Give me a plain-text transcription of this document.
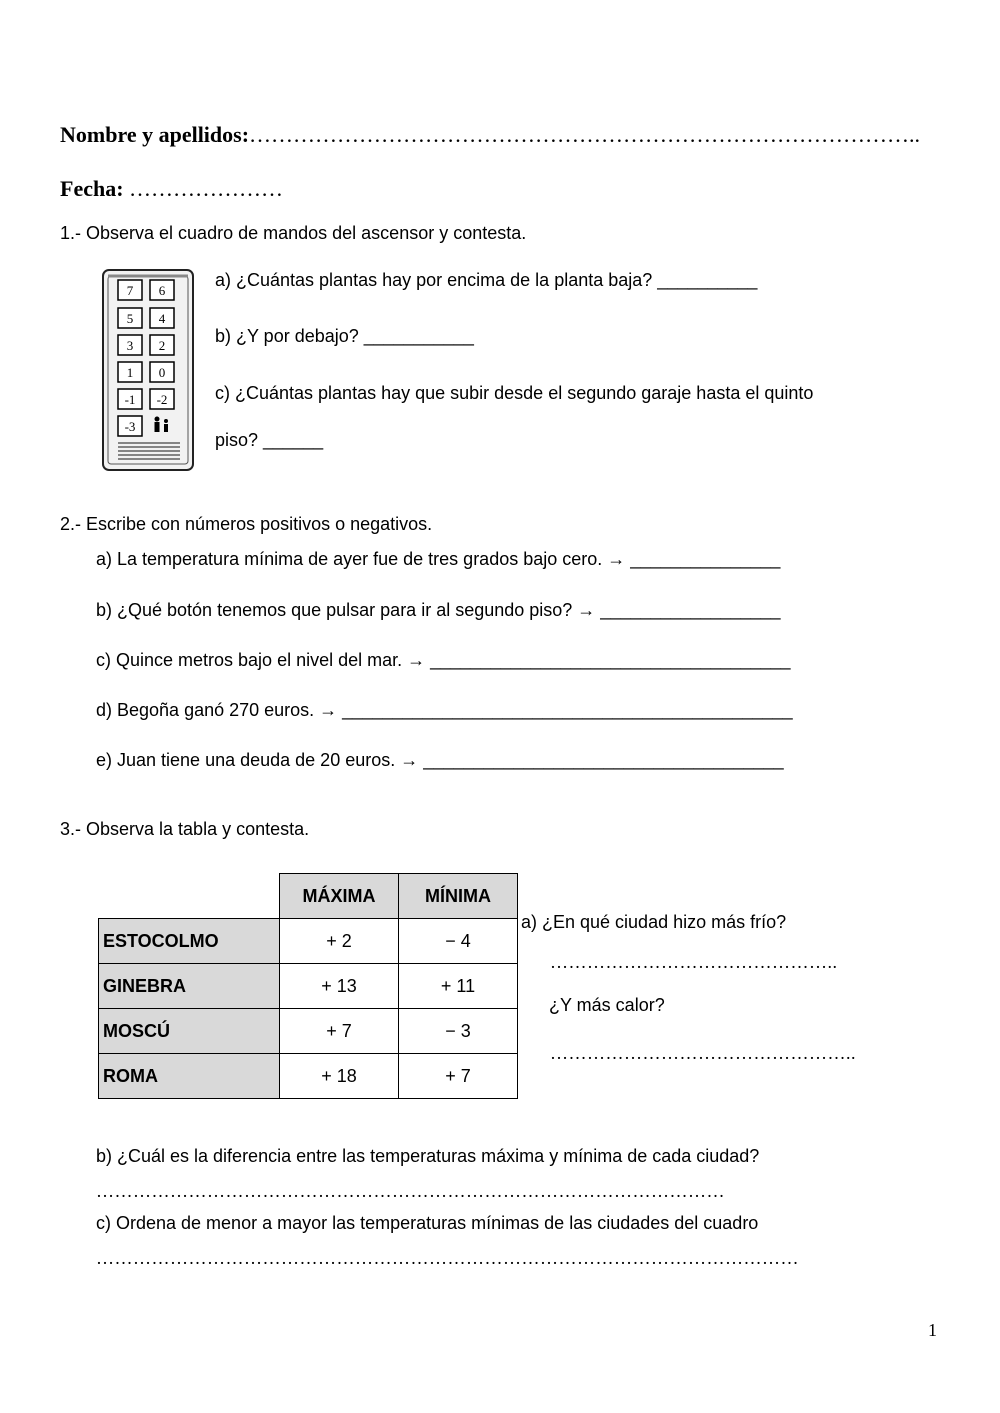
Nombre y apellidos:………………………………………………………………………………..
Fecha: …………………
1.- Observa el cuadro de mandos del ascensor y contesta.
7 6
5 4
3 2
1 0
-1 -2
-3
a) ¿Cuántas plantas hay por encima de la planta baja? __________
b) ¿Y por debajo? ___________
c) ¿Cuántas plantas hay que subir desde el segundo garaje hasta el quinto
piso? ______
2.- Escribe con números positivos o negativos.
a) La temperatura mínima de ayer fue de tres grados bajo cero. → _______________
b) ¿Qué botón tenemos que pulsar para ir al segundo piso? → __________________
c) Quince metros bajo el nivel del mar. → ____________________________________
d) Begoña ganó 270 euros. → _____________________________________________
e) Juan tiene una deuda de 20 euros. → ____________________________________
3.- Observa la tabla y contesta.
	MÁXIMA	MÍNIMA
ESTOCOLMO	+ 2	− 4
GINEBRA	+ 13	+ 11
MOSCÚ	+ 7	− 3
ROMA	+ 18	+ 7
a) ¿En qué ciudad hizo más frío?
………………………………………..
¿Y más calor?
…………………………………………..
b) ¿Cuál es la diferencia entre las temperaturas máxima y mínima de cada ciudad?
…………………………………………………………………………………………
c) Ordena de menor a mayor las temperaturas mínimas de las ciudades del cuadro
……………………………………………………………………………………………………
1
